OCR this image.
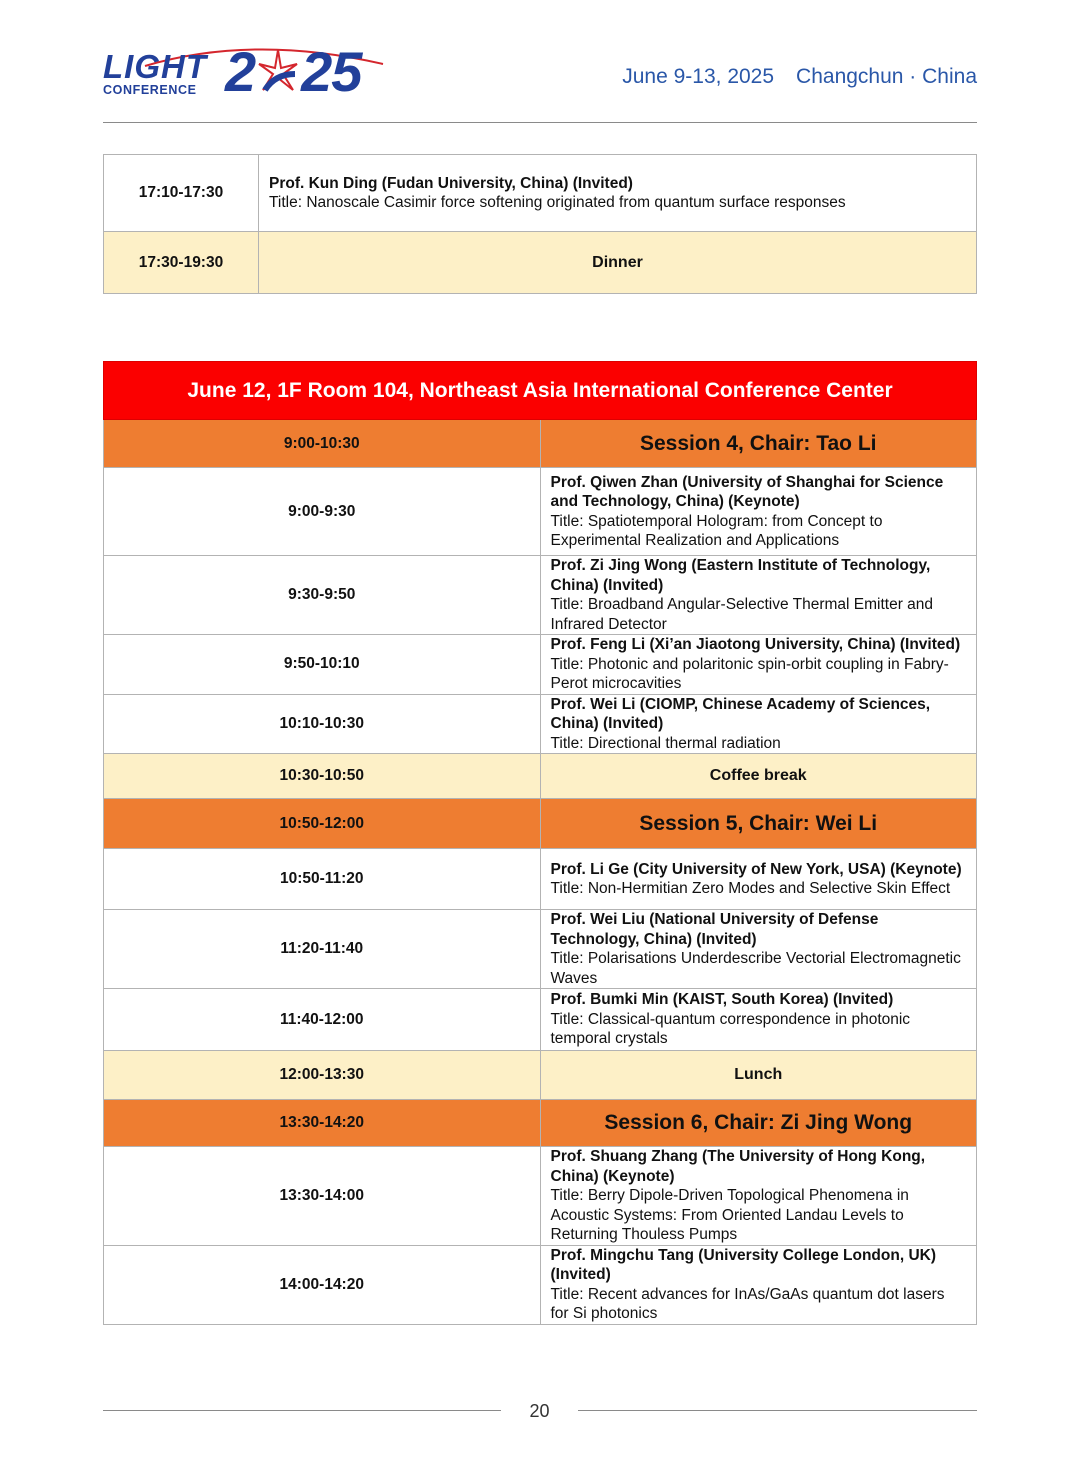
LIGHT
CONFERENCE 2 25	June 9-13, 2025 Changchun · China
17:10-17:30	Prof. Kun Ding (Fudan University, China) (Invited)
Title: Nanoscale Casimir force softening originated from quantum surface responses

17:30-19:30	Dinner
June 12, 1F Room 104, Northeast Asia International Conference Center	
9:00-10:30	Session 4, Chair: Tao Li
9:00-9:30	Prof. Qiwen Zhan (University of Shanghai for Science and Technology, China) (Keynote)
Title: Spatiotemporal Hologram: from Concept to Experimental Realization and Applications

9:30-9:50	Prof. Zi Jing Wong (Eastern Institute of Technology, China) (Invited)
Title: Broadband Angular-Selective Thermal Emitter and Infrared Detector

9:50-10:10	Prof. Feng Li (Xi’an Jiaotong University, China) (Invited)
Title: Photonic and polaritonic spin-orbit coupling in Fabry-Perot microcavities

10:10-10:30	Prof. Wei Li (CIOMP, Chinese Academy of Sciences, China) (Invited)
Title: Directional thermal radiation

10:30-10:50	Coffee break
10:50-12:00	Session 5, Chair: Wei Li
10:50-11:20	Prof. Li Ge (City University of New York, USA) (Keynote)
Title: Non-Hermitian Zero Modes and Selective Skin Effect

11:20-11:40	Prof. Wei Liu (National University of Defense Technology, China) (Invited)
Title: Polarisations Underdescribe Vectorial Electromagnetic Waves

11:40-12:00	Prof. Bumki Min (KAIST, South Korea) (Invited)
Title: Classical-quantum correspondence in photonic temporal crystals

12:00-13:30	Lunch
13:30-14:20	Session 6, Chair: Zi Jing Wong
13:30-14:00	Prof. Shuang Zhang (The University of Hong Kong, China) (Keynote)
Title: Berry Dipole-Driven Topological Phenomena in Acoustic Systems: From Oriented Landau Levels to Returning Thouless Pumps

14:00-14:20	Prof. Mingchu Tang (University College London, UK) (Invited)
Title: Recent advances for InAs/GaAs quantum dot lasers for Si photonics
20
